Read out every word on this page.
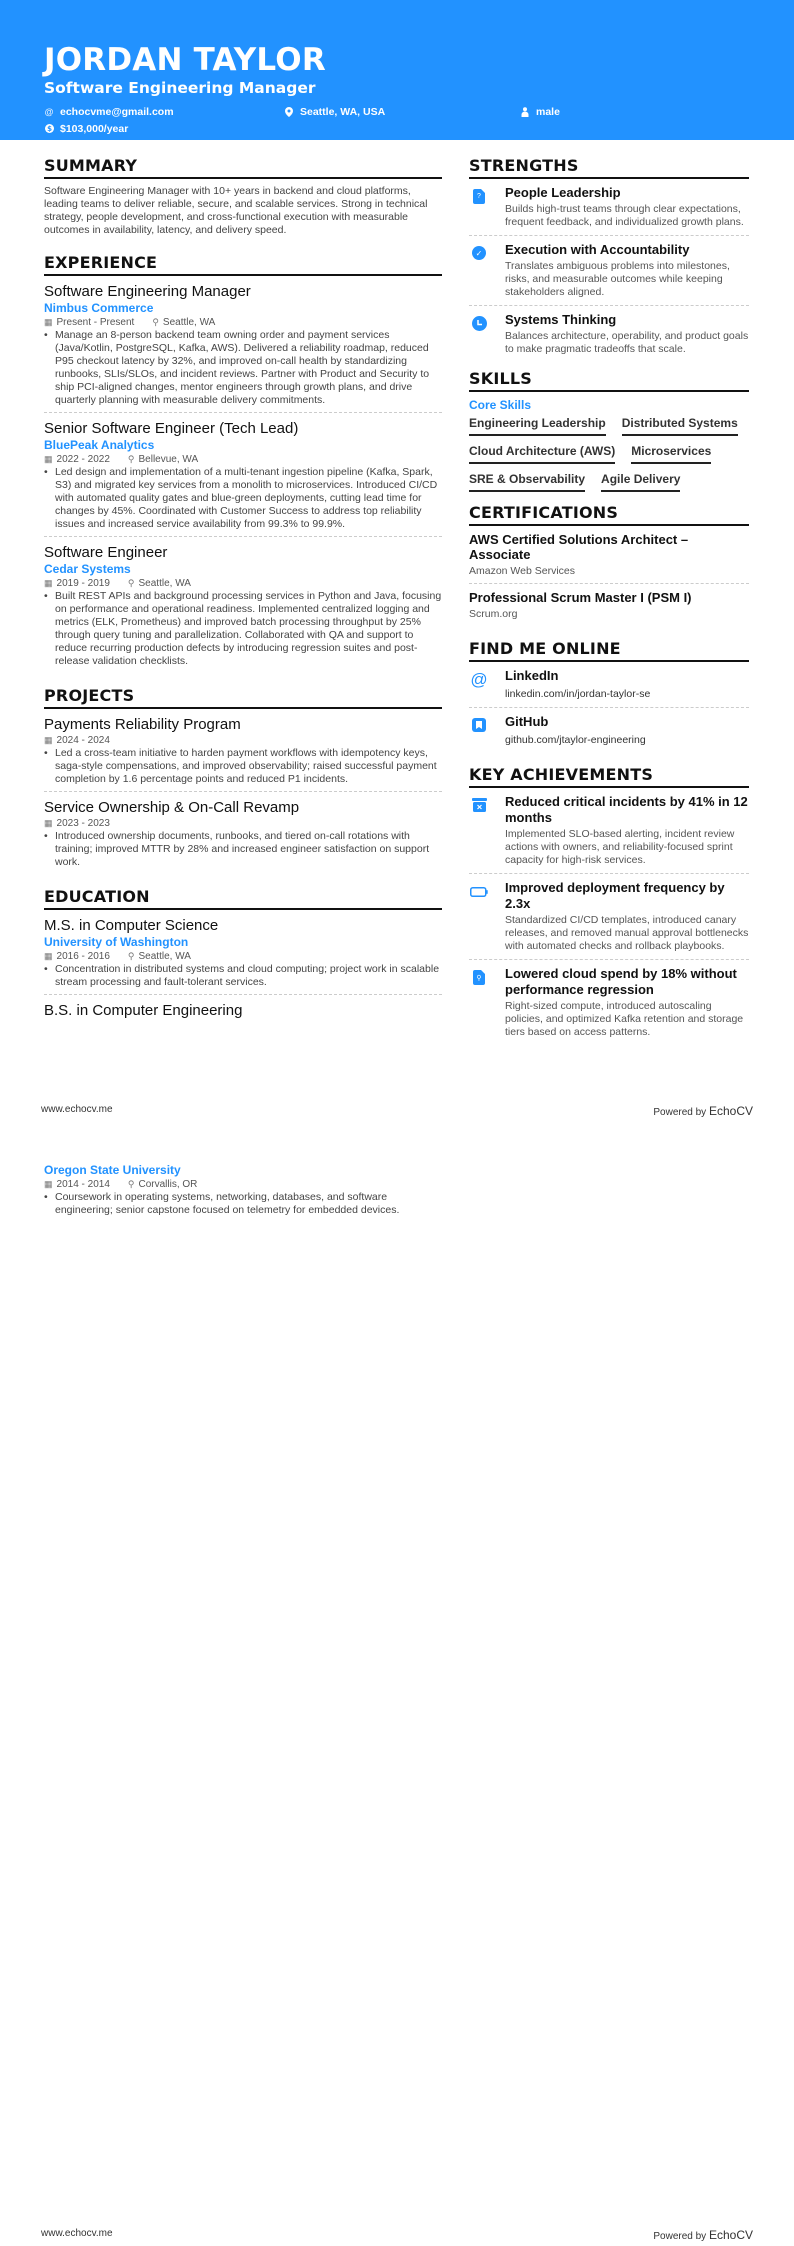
JORDAN TAYLOR
Software Engineering Manager
@ echocvme@gmail.com	Seattle, WA, USA	male
$ $103,000/year
SUMMARY
Software Engineering Manager with 10+ years in backend and cloud platforms, leading teams to deliver reliable, secure, and scalable services. Strong in technical strategy, people development, and cross-functional execution with measurable outcomes in availability, latency, and delivery speed.
EXPERIENCE
Software Engineering Manager
Nimbus Commerce
▦ Present - Present ⚲ Seattle, WA
• Manage an 8-person backend team owning order and payment services (Java/Kotlin, PostgreSQL, Kafka, AWS). Delivered a reliability roadmap, reduced P95 checkout latency by 32%, and improved on-call health by standardizing runbooks, SLIs/SLOs, and incident reviews. Partner with Product and Security to ship PCI-aligned changes, mentor engineers through growth plans, and drive quarterly planning with measurable delivery commitments.
Senior Software Engineer (Tech Lead)
BluePeak Analytics
▦ 2022 - 2022 ⚲ Bellevue, WA
• Led design and implementation of a multi-tenant ingestion pipeline (Kafka, Spark, S3) and migrated key services from a monolith to microservices. Introduced CI/CD with automated quality gates and blue-green deployments, cutting lead time for changes by 45%. Coordinated with Customer Success to address top reliability issues and increased service availability from 99.3% to 99.9%.
Software Engineer
Cedar Systems
▦ 2019 - 2019 ⚲ Seattle, WA
• Built REST APIs and background processing services in Python and Java, focusing on performance and operational readiness. Implemented centralized logging and metrics (ELK, Prometheus) and improved batch processing throughput by 25% through query tuning and parallelization. Collaborated with QA and support to reduce recurring production defects by introducing regression suites and post-release validation checklists.
PROJECTS
Payments Reliability Program
▦ 2024 - 2024
• Led a cross-team initiative to harden payment workflows with idempotency keys, saga-style compensations, and improved observability; raised successful payment completion by 1.6 percentage points and reduced P1 incidents.
Service Ownership & On-Call Revamp
▦ 2023 - 2023
• Introduced ownership documents, runbooks, and tiered on-call rotations with training; improved MTTR by 28% and increased engineer satisfaction on support work.
EDUCATION
M.S. in Computer Science
University of Washington
▦ 2016 - 2016 ⚲ Seattle, WA
• Concentration in distributed systems and cloud computing; project work in scalable stream processing and fault-tolerant services.
B.S. in Computer Engineering
STRENGTHS
?	People Leadership
Builds high-trust teams through clear expectations, frequent feedback, and individualized growth plans.
✓ Execution with Accountability
Translates ambiguous problems into milestones, risks, and measurable outcomes while keeping stakeholders aligned.
Systems Thinking
Balances architecture, operability, and product goals to make pragmatic tradeoffs that scale.
SKILLS
Core Skills
Engineering Leadership Distributed Systems
Cloud Architecture (AWS) Microservices
SRE & Observability Agile Delivery
CERTIFICATIONS
AWS Certified Solutions Architect – Associate
Amazon Web Services
Professional Scrum Master I (PSM I)
Scrum.org
FIND ME ONLINE
@ LinkedIn
linkedin.com/in/jordan-taylor-se
GitHub
github.com/jtaylor-engineering
KEY ACHIEVEMENTS
Reduced critical incidents by 41% in 12 months
Implemented SLO-based alerting, incident review actions with owners, and reliability-focused sprint capacity for high-risk services.
Improved deployment frequency by 2.3x
Standardized CI/CD templates, introduced canary releases, and removed manual approval bottlenecks with automated checks and rollback playbooks.
⚲ Lowered cloud spend by 18% without performance regression
Right-sized compute, introduced autoscaling policies, and optimized Kafka retention and storage tiers based on access patterns.
www.echocv.me	Powered by EchoCV
Oregon State University
▦ 2014 - 2014 ⚲ Corvallis, OR
• Coursework in operating systems, networking, databases, and software engineering; senior capstone focused on telemetry for embedded devices.
www.echocv.me	Powered by EchoCV
